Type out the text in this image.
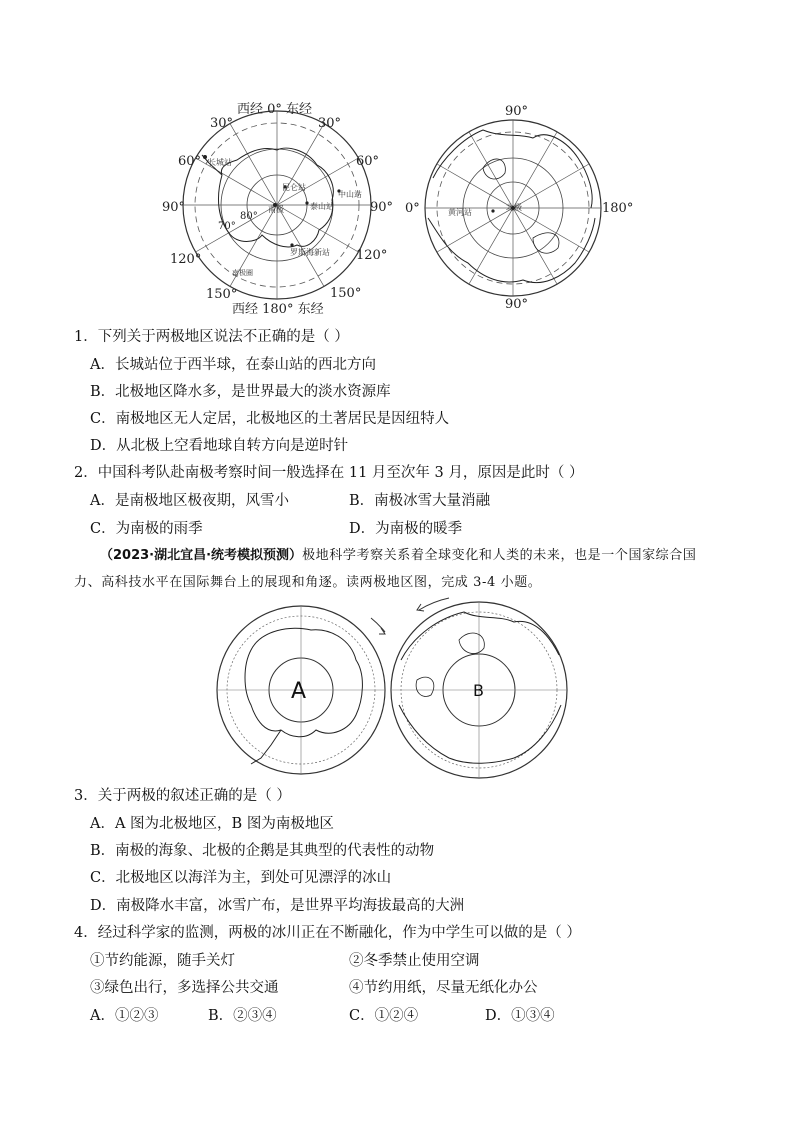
西经 0° 东经
西经 180° 东经
60°
30°	30°
60°
90°	90°
120°	120°
150°	150°
80°
70°
长城站
昆仑站
中山站
泰山站
罗斯海新站
南极
南极圈
90°
0°	180°
90°
黄河站
北极
1．下列关于两极地区说法不正确的是（ ）
A．长城站位于西半球，在泰山站的西北方向
B．北极地区降水多，是世界最大的淡水资源库
C．南极地区无人定居，北极地区的土著居民是因纽特人
D．从北极上空看地球自转方向是逆时针
2．中国科考队赴南极考察时间一般选择在 11 月至次年 3 月，原因是此时（ ）
A．是南极地区极夜期，风雪小	B．南极冰雪大量消融
C．为南极的雨季	D．为南极的暖季
（2023·湖北宜昌·统考模拟预测）极地科学考察关系着全球变化和人类的未来，也是一个国家综合国
力、高科技水平在国际舞台上的展现和角逐。读两极地区图，完成 3-4 小题。
A	B
3．关于两极的叙述正确的是（ ）
A．A 图为北极地区，B 图为南极地区
B．南极的海象、北极的企鹅是其典型的代表性的动物
C．北极地区以海洋为主，到处可见漂浮的冰山
D．南极降水丰富，冰雪广布，是世界平均海拔最高的大洲
4．经过科学家的监测，两极的冰川正在不断融化，作为中学生可以做的是（ ）
①节约能源，随手关灯	②冬季禁止使用空调
③绿色出行，多选择公共交通	④节约用纸，尽量无纸化办公
A．①②③	B．②③④	C．①②④	D．①③④
